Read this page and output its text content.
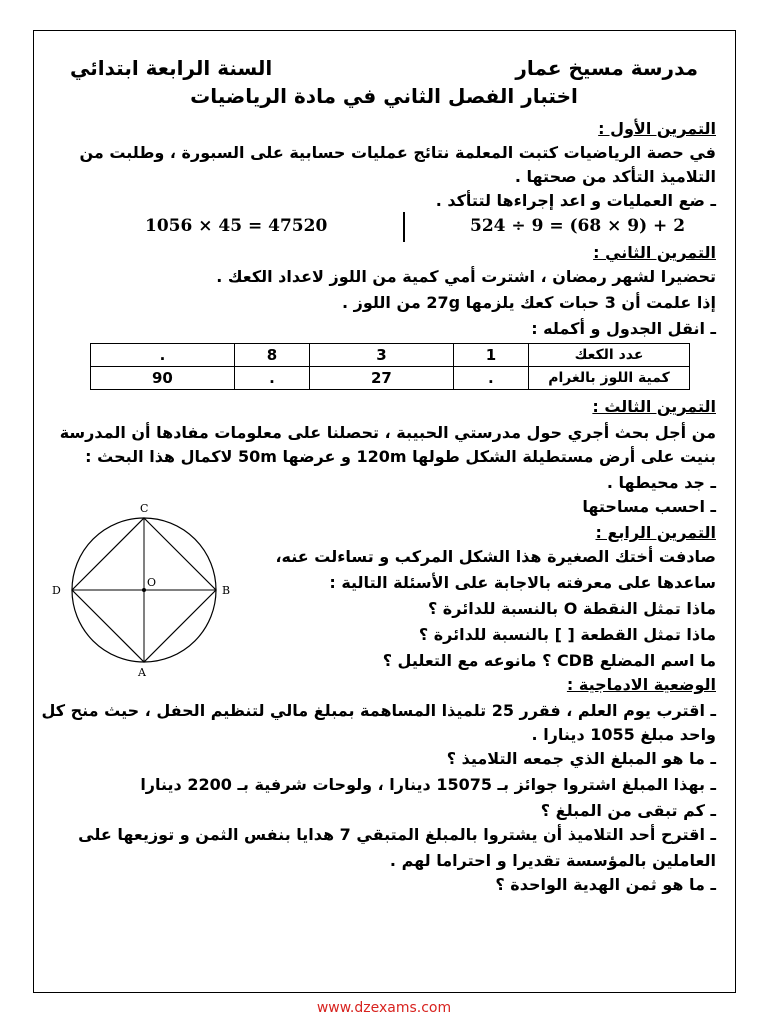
مدرسة مسيخ عمار
السنة الرابعة ابتدائي
اختبار الفصل الثاني في مادة الرياضيات
التمرين الأول :
في حصة الرياضيات كتبت المعلمة نتائج عمليات حسابية على السبورة ، وطلبت من
التلاميذ التأكد من صحتها .
ـ ضع العمليات و اعد إجراءها لتتأكد .
1056 × 45 = 47520	524 ÷ 9 = (68 × 9) + 2
التمرين الثاني :
تحضيرا لشهر رمضان ، اشترت أمي كمية من اللوز لاعداد الكعك .
إذا علمت أن 3 حبات كعك يلزمها 27g من اللوز .
ـ انقل الجدول و أكمله :
عدد الكعك	1	3	8	.
كمية اللوز بالغرام	.	27	.	90
التمرين الثالث :
من أجل بحث أجري حول مدرستي الحبيبة ، تحصلنا على معلومات مفادها أن المدرسة
بنيت على أرض مستطيلة الشكل طولها 120m و عرضها 50m لاكمال هذا البحث :
ـ جد محيطها .
ـ احسب مساحتها
التمرين الرابع :
صادفت أختك الصغيرة هذا الشكل المركب و تساءلت عنه،
ساعدها على معرفته بالاجابة على الأسئلة التالية :
ماذا تمثل النقطة O بالنسبة للدائرة ؟
ماذا تمثل القطعة [ ] بالنسبة للدائرة ؟
ما اسم المضلع CDB ؟ مانوعه مع التعليل ؟
C
D	B
A
O
الوضعية الادماجية :
ـ اقترب يوم العلم ، فقرر 25 تلميذا المساهمة بمبلغ مالي لتنظيم الحفل ، حيث منح كل
واحد مبلغ 1055 دينارا .
ـ ما هو المبلغ الذي جمعه التلاميذ ؟
ـ بهذا المبلغ اشتروا جوائز بـ 15075 دينارا ، ولوحات شرفية بـ 2200 دينارا
ـ كم تبقى من المبلغ ؟
ـ اقترح أحد التلاميذ أن يشتروا بالمبلغ المتبقي 7 هدايا بنفس الثمن و توزيعها على
العاملين بالمؤسسة تقديرا و احتراما لهم .
ـ ما هو ثمن الهدية الواحدة ؟
www.dzexams.com
